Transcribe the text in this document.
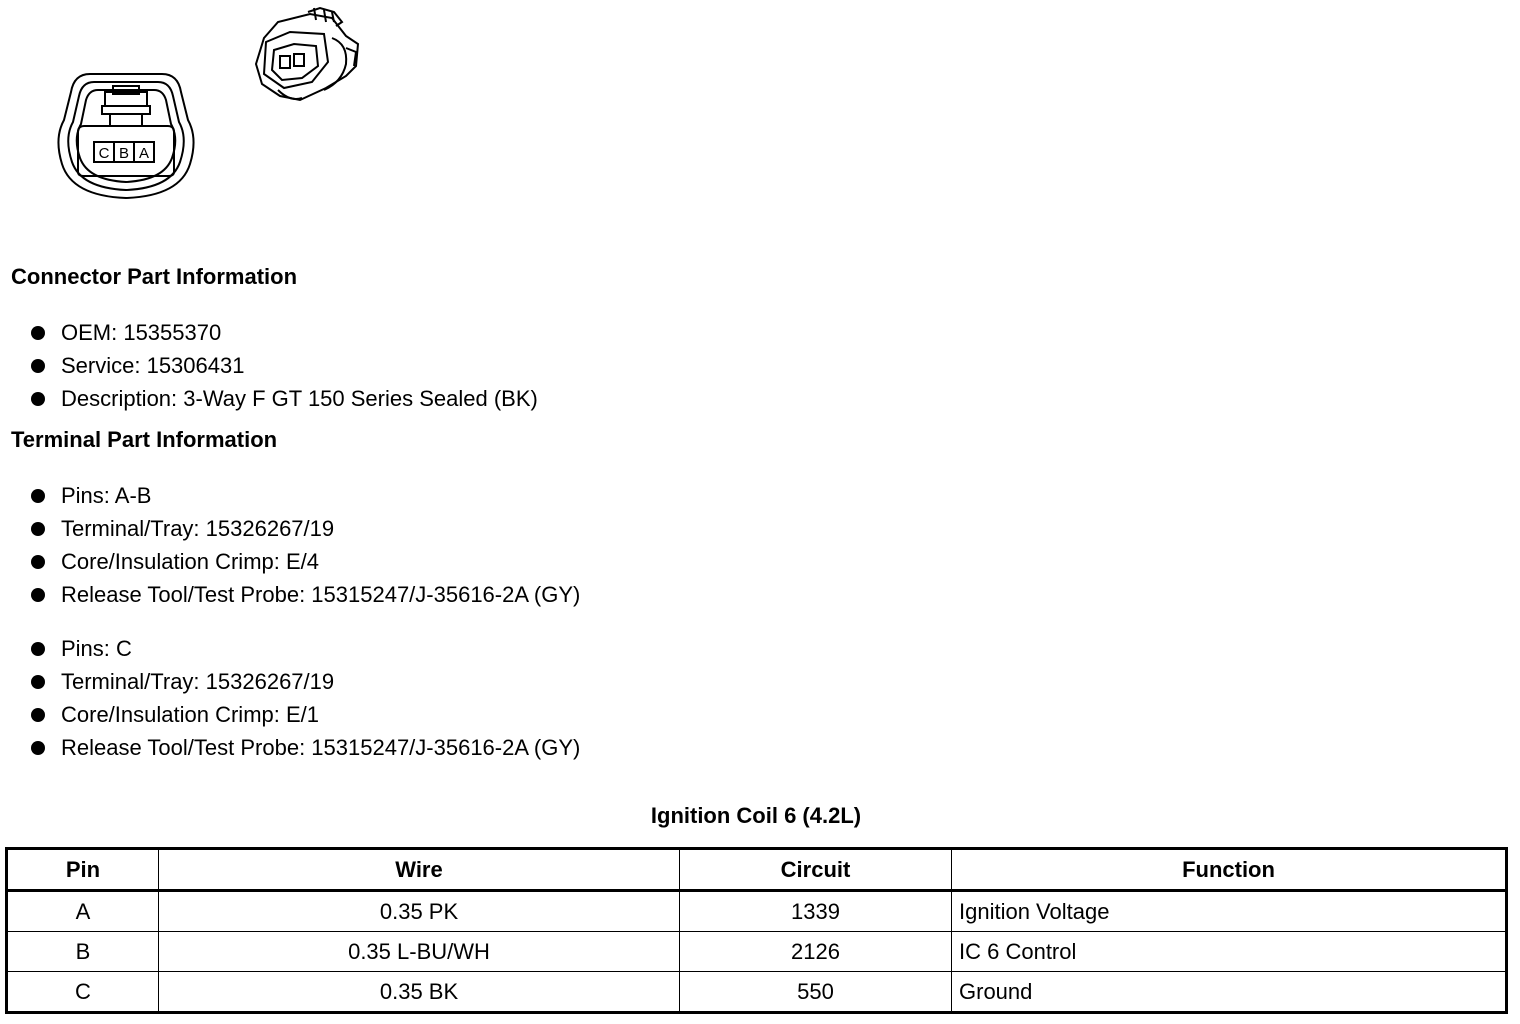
C B A
Connector Part Information
OEM: 15355370
Service: 15306431
Description: 3-Way F GT 150 Series Sealed (BK)
Terminal Part Information
Pins: A-B
Terminal/Tray: 15326267/19
Core/Insulation Crimp: E/4
Release Tool/Test Probe: 15315247/J-35616-2A (GY)
Pins: C
Terminal/Tray: 15326267/19
Core/Insulation Crimp: E/1
Release Tool/Test Probe: 15315247/J-35616-2A (GY)
Ignition Coil 6 (4.2L)
Pin	Wire	Circuit	Function
A	0.35 PK	1339	Ignition Voltage
B	0.35 L-BU/WH	2126	IC 6 Control
C	0.35 BK	550	Ground
